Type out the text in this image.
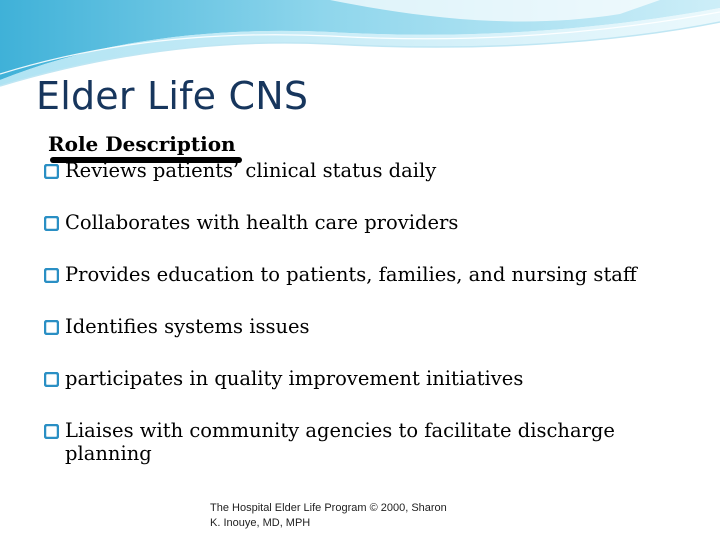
Elder Life CNS
Role Description
Reviews patients’ clinical status daily
Collaborates with health care providers
Provides education to patients, families, and nursing staff
Identifies systems issues
participates in quality improvement initiatives
Liaises with community agencies to facilitate discharge planning
The Hospital Elder Life Program © 2000, Sharon
K. Inouye, MD, MPH
